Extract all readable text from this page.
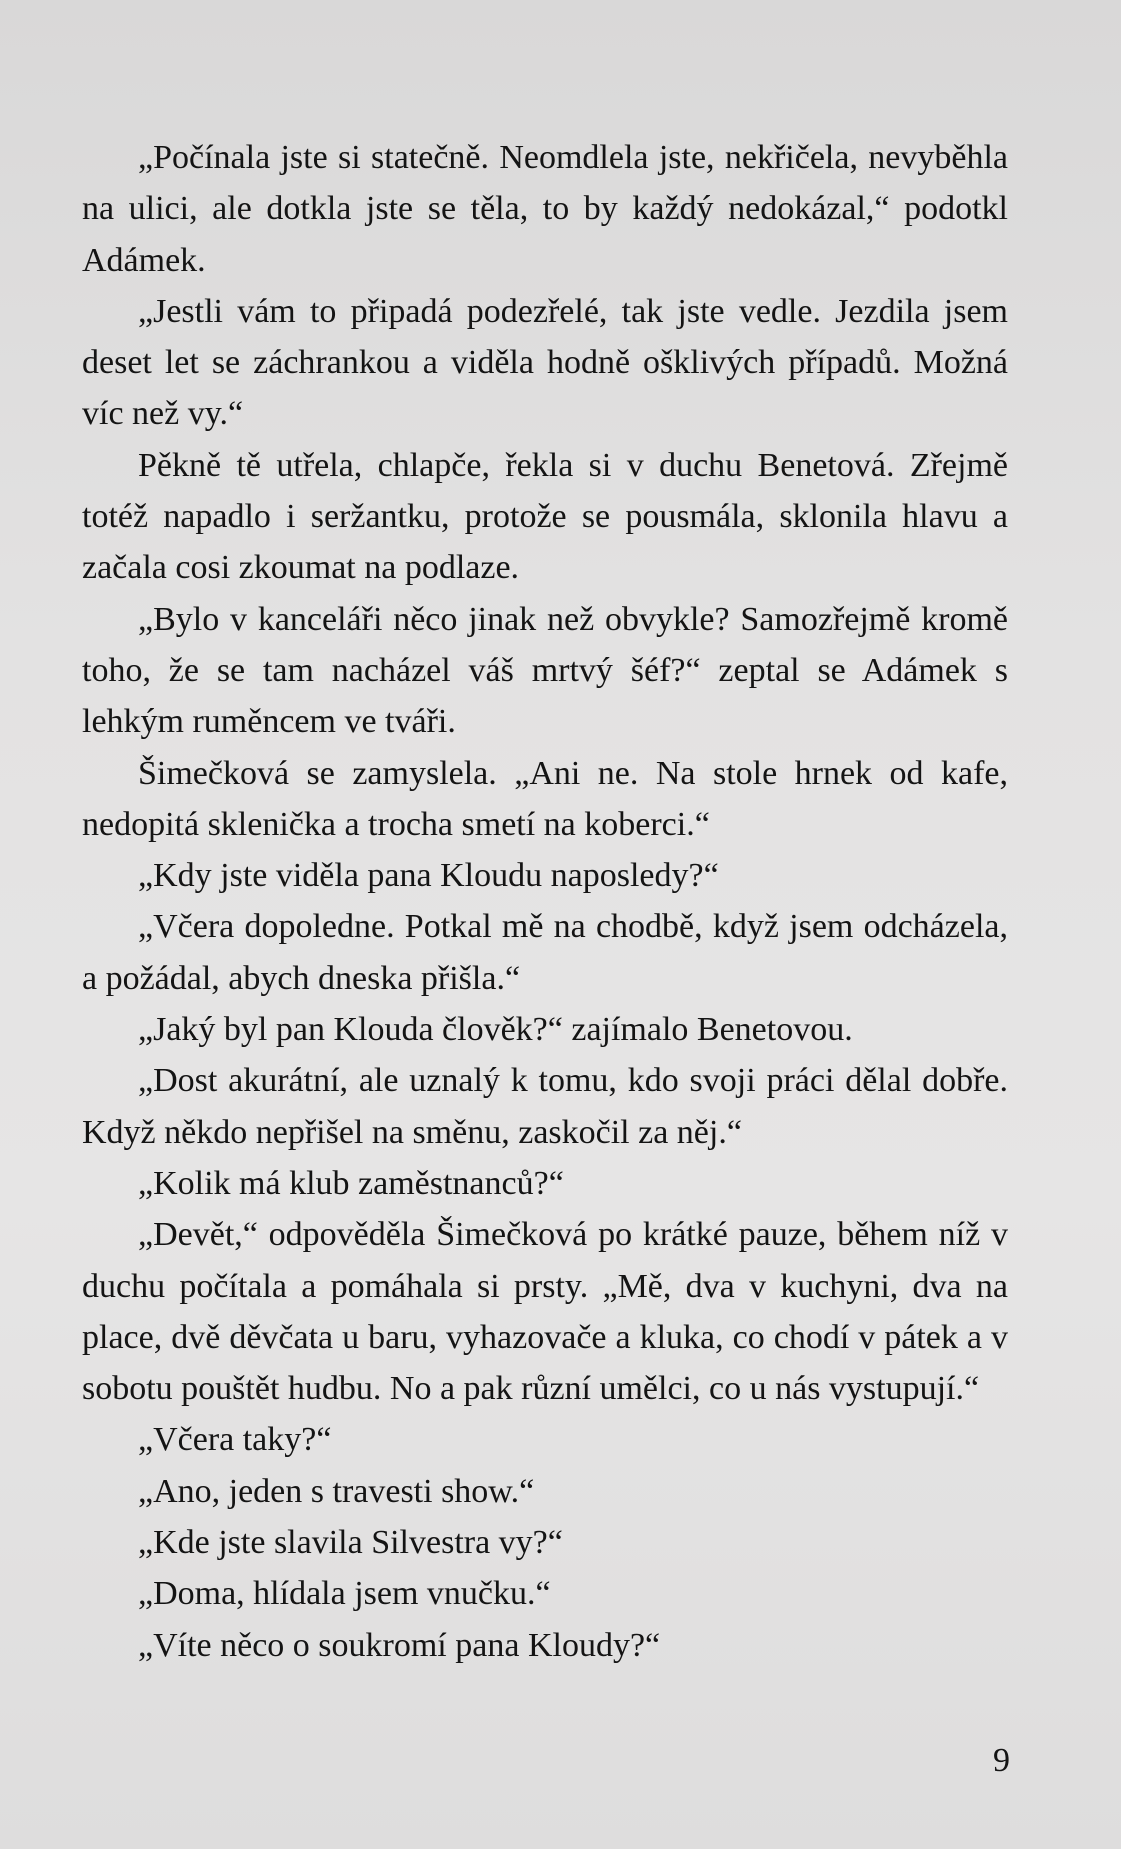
„Počínala jste si statečně. Neomdlela jste, nekřičela, nevyběhla na ulici, ale dotkla jste se těla, to by každý nedokázal,“ podotkl Adámek.

„Jestli vám to připadá podezřelé, tak jste vedle. Jezdila jsem deset let se záchrankou a viděla hodně ošklivých případů. Možná víc než vy.“

Pěkně tě utřela, chlapče, řekla si v duchu Benetová. Zřejmě totéž napadlo i seržantku, protože se pousmála, sklonila hlavu a začala cosi zkoumat na podlaze.

„Bylo v kanceláři něco jinak než obvykle? Samozřejmě kromě toho, že se tam nacházel váš mrtvý šéf?“ zeptal se Adámek s lehkým ruměncem ve tváři.

Šimečková se zamyslela. „Ani ne. Na stole hrnek od kafe, nedopitá sklenička a trocha smetí na koberci.“

„Kdy jste viděla pana Kloudu naposledy?“

„Včera dopoledne. Potkal mě na chodbě, když jsem odcházela, a požádal, abych dneska přišla.“

„Jaký byl pan Klouda člověk?“ zajímalo Benetovou.

„Dost akurátní, ale uznalý k tomu, kdo svoji práci dělal dobře. Když někdo nepřišel na směnu, zaskočil za něj.“

„Kolik má klub zaměstnanců?“

„Devět,“ odpověděla Šimečková po krátké pauze, během níž v duchu počítala a pomáhala si prsty. „Mě, dva v kuchyni, dva na place, dvě děvčata u baru, vyhazovače a kluka, co chodí v pátek a v sobotu pouštět hudbu. No a pak různí umělci, co u nás vystupují.“

„Včera taky?“

„Ano, jeden s travesti show.“

„Kde jste slavila Silvestra vy?“

„Doma, hlídala jsem vnučku.“

„Víte něco o soukromí pana Kloudy?“

9
